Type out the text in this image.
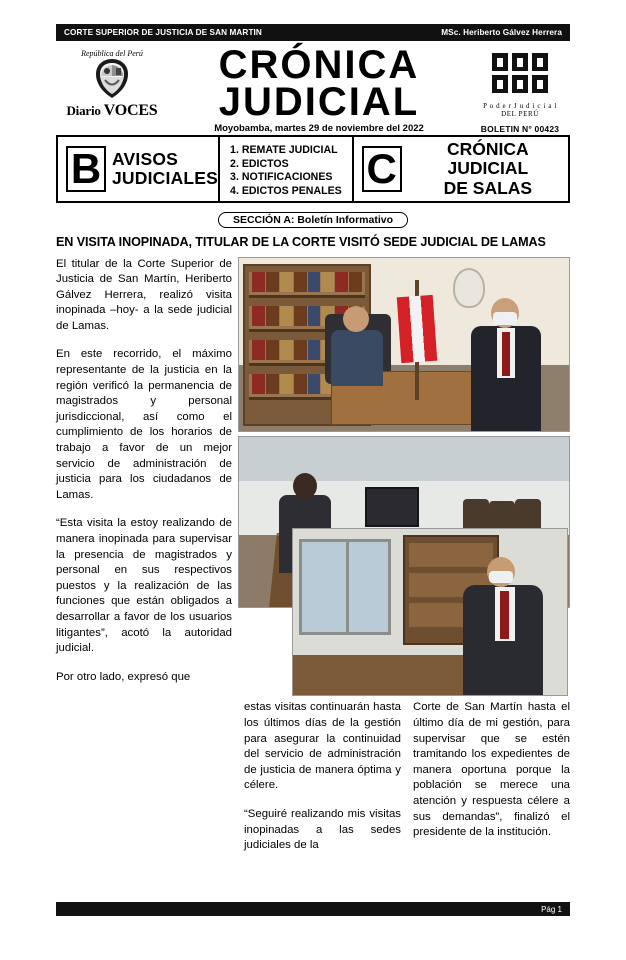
CORTE SUPERIOR DE JUSTICIA DE SAN MARTIN	MSc. Heriberto Gálvez Herrera
República del Perú
Diario VOCES
CRÓNICA
JUDICIAL
Moyobamba, martes 29 de noviembre del 2022
P o d e r J u d i c i a l
DEL PERÚ
BOLETIN N° 00423
B AVISOS
JUDICIALES
1. REMATE JUDICIAL
2. EDICTOS
3. NOTIFICACIONES
4. EDICTOS PENALES C	CRÓNICA
JUDICIAL
DE SALAS
SECCIÓN A: Boletín Informativo
EN VISITA INOPINADA, TITULAR DE LA CORTE VISITÓ SEDE JUDICIAL DE LAMAS

El titular de la Corte Superior de Justicia de San Martín, Heriberto Gálvez Herrera, realizó visita inopinada –hoy- a la sede judicial de Lamas.

En este recorrido, el máximo representante de la justicia en la región verificó la permanencia de magistrados y personal jurisdiccional, así como el cumplimiento de los horarios de trabajo a favor de un mejor servicio de administración de justicia para los ciudadanos de Lamas.

“Esta visita la estoy realizando de manera inopinada para supervisar la presencia de magistrados y personal en sus respectivos puestos y la realización de las funciones que están obligados a desarrollar a favor de los usuarios litigantes”, acotó la autoridad judicial.

Por otro lado, expresó que

estas visitas continuarán hasta los últimos días de la gestión para asegurar la continuidad del servicio de administración de justicia de manera óptima y célere.

“Seguiré realizando mis visitas inopinadas a las sedes judiciales de la

Corte de San Martín hasta el último día de mi gestión, para supervisar que se estén tramitando los expedientes de manera oportuna porque la población se merece una atención y respuesta célere a sus demandas”, finalizó el presidente de la institución.

Pág 1
